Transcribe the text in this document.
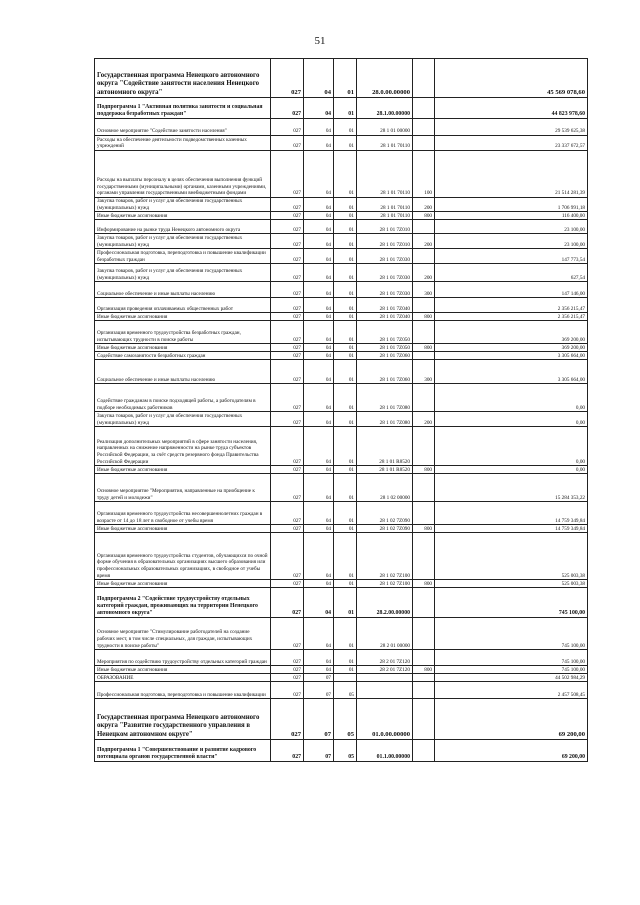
51
Государственная программа Ненецкого автономного округа "Содействие занятости населения Ненецкого автономного округа"	027	04	01	28.0.00.00000		45 569 078,60
Подпрограмма 1 "Активная политика занятости и социальная поддержка безработных граждан"	027	04	01	28.1.00.00000		44 823 978,60
Основное мероприятие "Содействие занятости населения"	027	04	01	28 1 01 00000		29 539 625,38
Расходы на обеспечение деятельности подведомственных казенных учреждений	027	04	01	28 1 01 70110		23 337 672,57
Расходы на выплаты персоналу в целях обеспечения выполнения функций государственными (муниципальными) органами, казенными учреждениями, органами управления государственными внебюджетными фондами	027	04	01	28 1 01 70110	100	21 514 281,39
Закупка товаров, работ и услуг для обеспечения государственных (муниципальных) нужд	027	04	01	28 1 01 70110	200	1 706 991,18
Иные бюджетные ассигнования	027	04	01	28 1 01 70110	800	116 400,00
Информирование на рынке труда Ненецкого автономного округа	027	04	01	28 1 01 7Z010		23 100,00
Закупка товаров, работ и услуг для обеспечения государственных (муниципальных) нужд	027	04	01	28 1 01 7Z010	200	23 100,00
Профессиональная подготовка, переподготовка и повышение квалификации безработных граждан	027	04	01	28 1 01 7Z030		147 773,54
Закупка товаров, работ и услуг для обеспечения государственных (муниципальных) нужд	027	04	01	28 1 01 7Z030	200	627,54
Социальное обеспечение и иные выплаты населению	027	04	01	28 1 01 7Z030	300	147 146,00
Организация проведения оплачиваемых общественных работ	027	04	01	28 1 01 7Z040		2 356 215,47
Иные бюджетные ассигнования	027	04	01	28 1 01 7Z040	800	2 356 215,47
Организация временного трудоустройства безработных граждан, испытывающих трудности в поиске работы	027	04	01	28 1 01 7Z050		369 200,00
Иные бюджетные ассигнования	027	04	01	28 1 01 7Z050	800	369 200,00
Содействие самозанятости безработных граждан	027	04	01	28 1 01 7Z060		3 305 664,00
Социальное обеспечение и иные выплаты населению	027	04	01	28 1 01 7Z060	300	3 305 664,00
Содействие гражданам в поиске подходящей работы, а работодателям в подборе необходимых работников	027	04	01	28 1 01 7Z080		0,00
Закупка товаров, работ и услуг для обеспечения государственных (муниципальных) нужд	027	04	01	28 1 01 7Z080	200	0,00
Реализация дополнительных мероприятий в сфере занятости населения, направленных на снижение напряженности на рынке труда субъектов Российской Федерации, за счёт средств резервного фонда Правительства Российской Федерации	027	04	01	28 1 01 R8520		0,00
Иные бюджетные ассигнования	027	04	01	28 1 01 R8520	800	0,00
Основное мероприятие "Мероприятия, направленные на приобщение к труду детей и молодежи"	027	04	01	28 1 02 00000		15 284 353,22
Организация временного трудоустройства несовершеннолетних граждан в возрасте от 14 до 18 лет в свободное от учебы время	027	04	01	28 1 02 7Z090		14 759 349,84
Иные бюджетные ассигнования	027	04	01	28 1 02 7Z090	800	14 759 349,84
Организация временного трудоустройства студентов, обучающихся по очной форме обучения в образовательных организациях высшего образования или профессиональных образовательных организациях, в свободное от учебы время	027	04	01	28 1 02 7Z100		525 003,38
Иные бюджетные ассигнования	027	04	01	28 1 02 7Z100	800	525 003,38
Подпрограмма 2 "Содействие трудоустройству отдельных категорий граждан, проживающих на территории Ненецкого автономного округа"	027	04	01	28.2.00.00000		745 100,00
Основное мероприятие "Стимулирование работодателей на создание рабочих мест, в том числе специальных, для граждан, испытывающих трудности в поиске работы"	027	04	01	28 2 01 00000		745 100,00
Мероприятия по содействию трудоустройству отдельных категорий граждан	027	04	01	28 2 01 7Z120		745 100,00
Иные бюджетные ассигнования	027	04	01	28 2 01 7Z120	800	745 100,00
ОБРАЗОВАНИЕ	027	07				44 502 984,29
Профессиональная подготовка, переподготовка и повышение квалификации	027	07	05			2 457 508,45
Государственная программа Ненецкого автономного округа "Развитие государственного управления в Ненецком автономном округе"	027	07	05	01.0.00.00000		69 200,00
Подпрограмма 1 "Совершенствование и развитие кадрового потенциала органов государственной власти"	027	07	05	01.1.00.00000		69 200,00
